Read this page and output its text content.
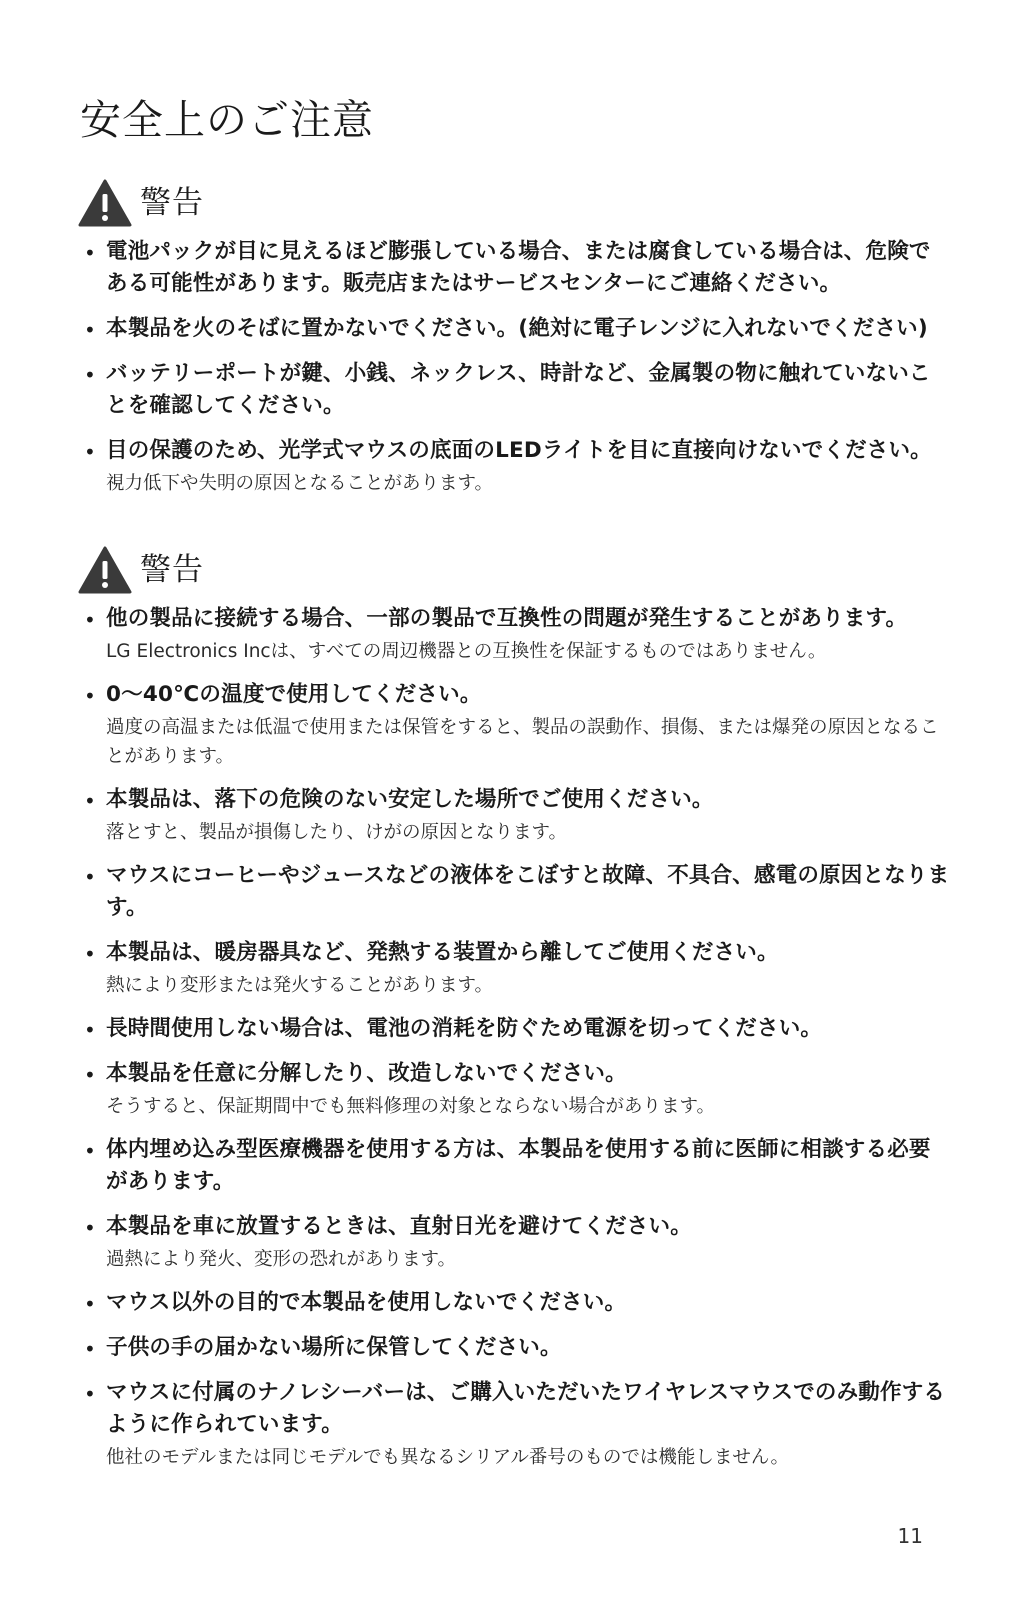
安全上のご注意
警告
• 電池パックが目に見えるほど膨張している場合、または腐食している場合は、危険である可能性があります。販売店またはサービスセンターにご連絡ください。
• 本製品を火のそばに置かないでください。(絶対に電子レンジに入れないでください)
• バッテリーポートが鍵、小銭、ネックレス、時計など、金属製の物に触れていないことを確認してください。
• 目の保護のため、光学式マウスの底面のLEDライトを目に直接向けないでください。
視力低下や失明の原因となることがあります。
警告
• 他の製品に接続する場合、一部の製品で互換性の問題が発生することがあります。
LG Electronics Incは、すべての周辺機器との互換性を保証するものではありません。
• 0～40℃の温度で使用してください。
過度の高温または低温で使用または保管をすると、製品の誤動作、損傷、または爆発の原因となることがあります。
• 本製品は、落下の危険のない安定した場所でご使用ください。
落とすと、製品が損傷したり、けがの原因となります。
• マウスにコーヒーやジュースなどの液体をこぼすと故障、不具合、感電の原因となります。
• 本製品は、暖房器具など、発熱する装置から離してご使用ください。
熱により変形または発火することがあります。
• 長時間使用しない場合は、電池の消耗を防ぐため電源を切ってください。
• 本製品を任意に分解したり、改造しないでください。
そうすると、保証期間中でも無料修理の対象とならない場合があります。
• 体内埋め込み型医療機器を使用する方は、本製品を使用する前に医師に相談する必要があります。
• 本製品を車に放置するときは、直射日光を避けてください。
過熱により発火、変形の恐れがあります。
• マウス以外の目的で本製品を使用しないでください。
• 子供の手の届かない場所に保管してください。
• マウスに付属のナノレシーバーは、ご購入いただいたワイヤレスマウスでのみ動作するように作られています。
他社のモデルまたは同じモデルでも異なるシリアル番号のものでは機能しません。
11
